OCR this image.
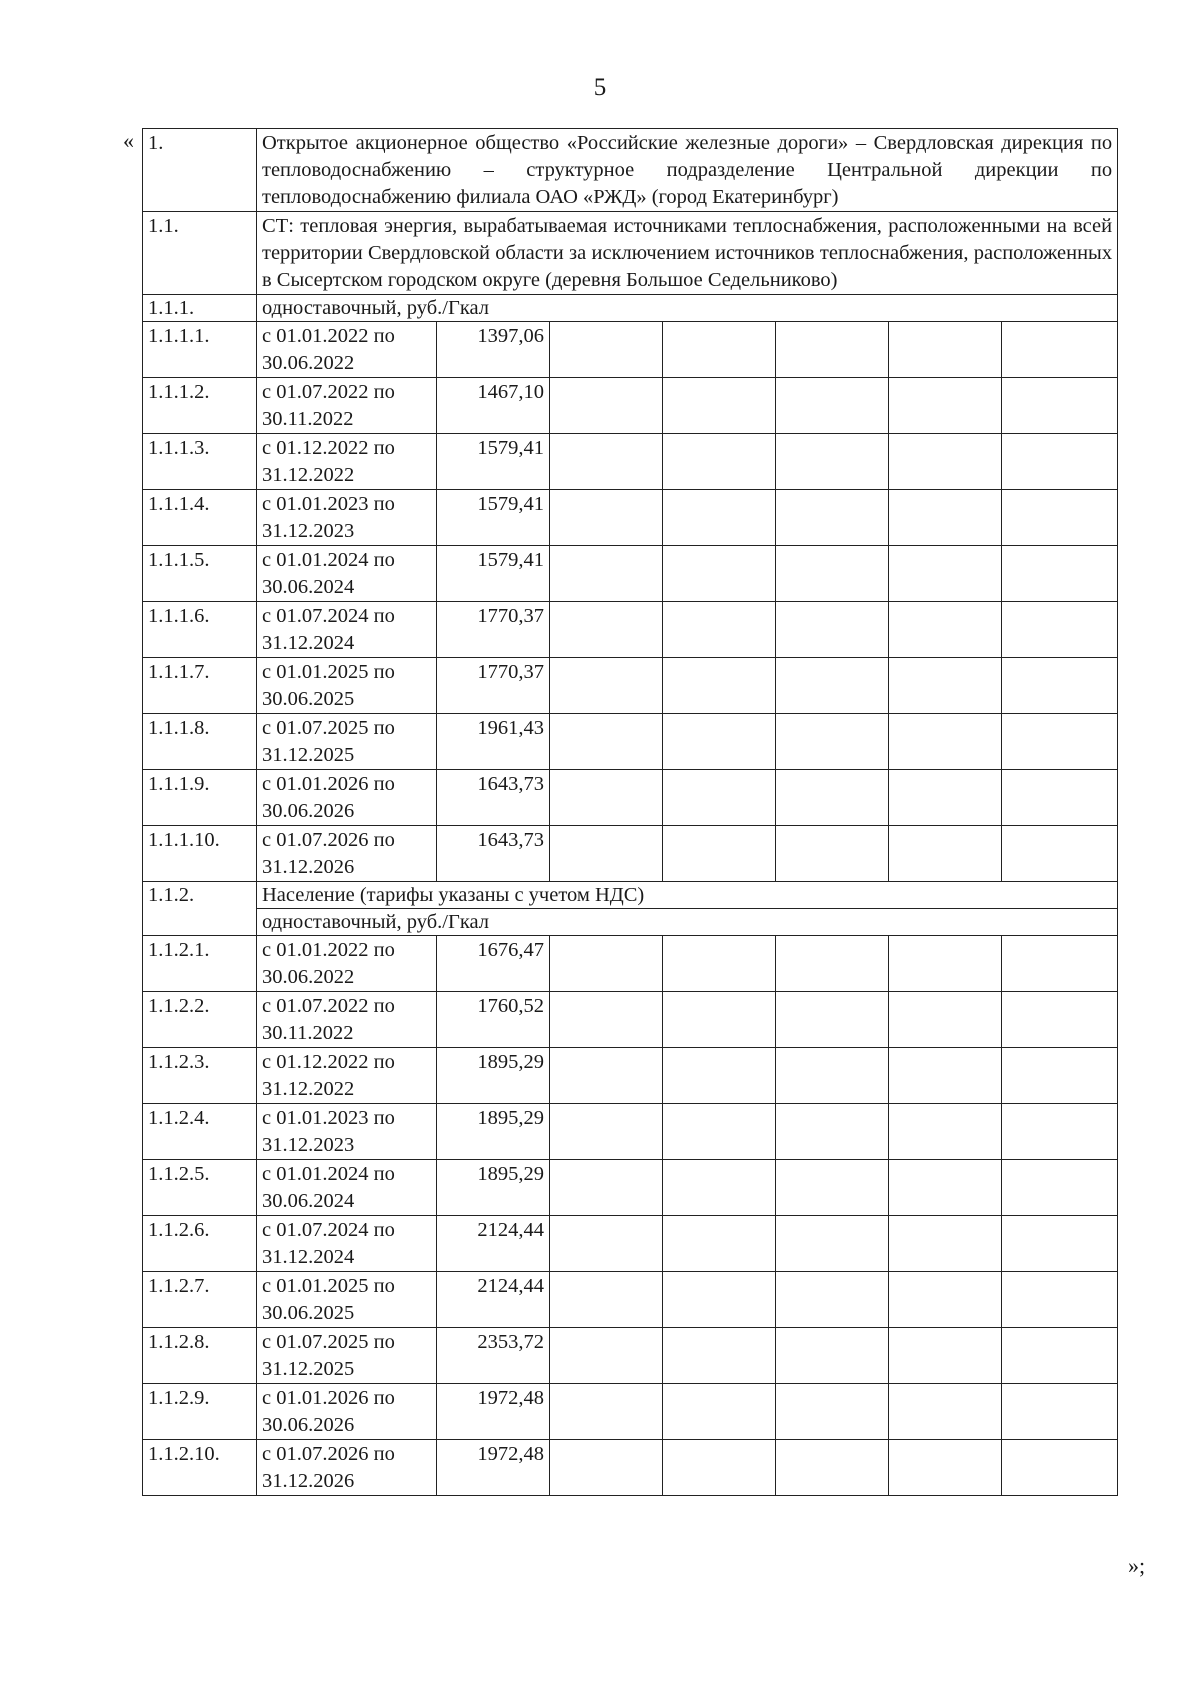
5
« 1.	Открытое акционерное общество «Российские железные дороги» – Свердловская дирекция по тепловодоснабжению – структурное подразделение Центральной дирекции по тепловодоснабжению филиала ОАО «РЖД» (город Екатеринбург)						
1.1.	СТ: тепловая энергия, вырабатываемая источниками теплоснабжения, расположенными на всей территории Свердловской области за исключением источников теплоснабжения, расположенных в Сысертском городском округе (деревня Большое Седельниково)						
1.1.1.	одноставочный, руб./Гкал						
1.1.1.1.	с 01.01.2022 по 30.06.2022	1397,06					
1.1.1.2.	с 01.07.2022 по 30.11.2022	1467,10					
1.1.1.3.	с 01.12.2022 по 31.12.2022	1579,41					
1.1.1.4.	с 01.01.2023 по 31.12.2023	1579,41					
1.1.1.5.	с 01.01.2024 по 30.06.2024	1579,41					
1.1.1.6.	с 01.07.2024 по 31.12.2024	1770,37					
1.1.1.7.	с 01.01.2025 по 30.06.2025	1770,37					
1.1.1.8.	с 01.07.2025 по 31.12.2025	1961,43					
1.1.1.9.	с 01.01.2026 по 30.06.2026	1643,73					
1.1.1.10.	с 01.07.2026 по 31.12.2026	1643,73					
1.1.2.	Население (тарифы указаны с учетом НДС)						
	одноставочный, руб./Гкал						
1.1.2.1.	с 01.01.2022 по 30.06.2022	1676,47					
1.1.2.2.	с 01.07.2022 по 30.11.2022	1760,52					
1.1.2.3.	с 01.12.2022 по 31.12.2022	1895,29					
1.1.2.4.	с 01.01.2023 по 31.12.2023	1895,29					
1.1.2.5.	с 01.01.2024 по 30.06.2024	1895,29					
1.1.2.6.	с 01.07.2024 по 31.12.2024	2124,44					
1.1.2.7.	с 01.01.2025 по 30.06.2025	2124,44					
1.1.2.8.	с 01.07.2025 по 31.12.2025	2353,72					
1.1.2.9.	с 01.01.2026 по 30.06.2026	1972,48					
1.1.2.10.	с 01.07.2026 по 31.12.2026	1972,48					
»;
